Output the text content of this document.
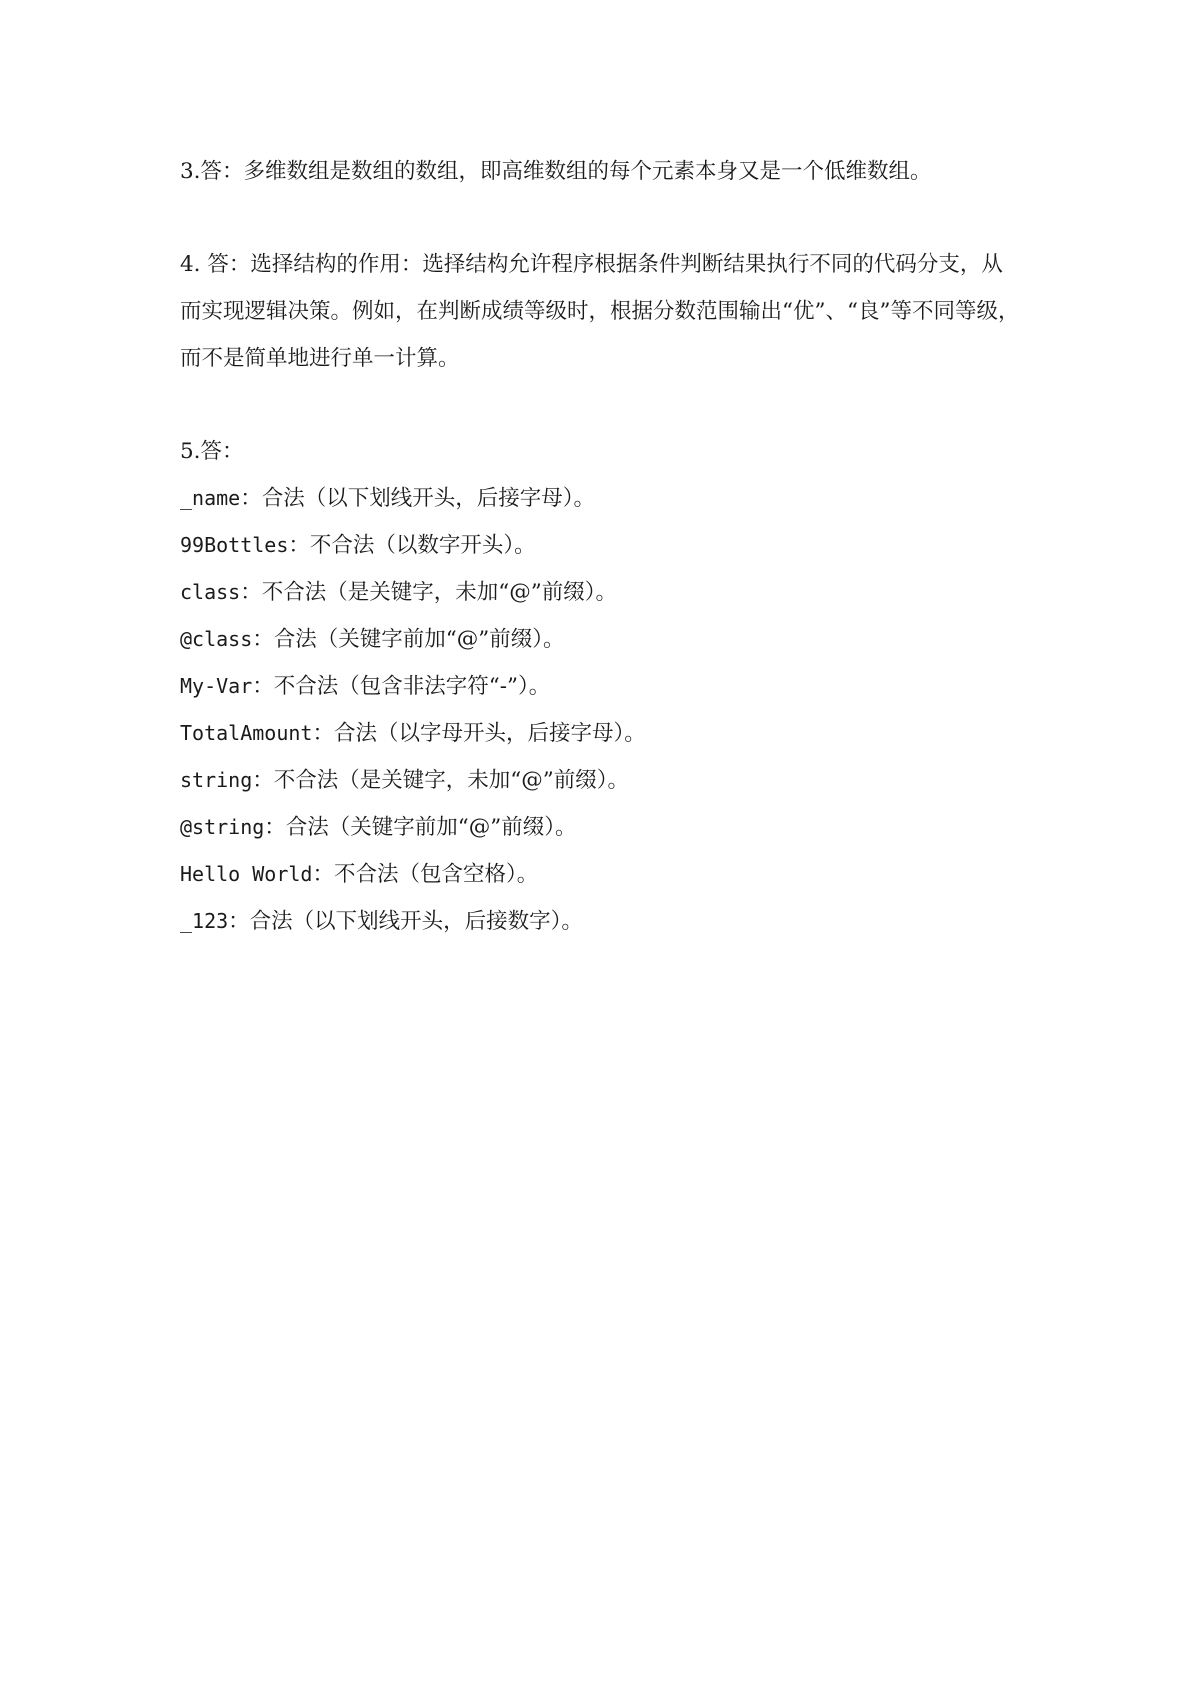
3.答：多维数组是数组的数组，即高维数组的每个元素本身又是一个低维数组。

4. 答：选择结构的作用：选择结构允许程序根据条件判断结果执行不同的代码分支，从而实现逻辑决策。例如，在判断成绩等级时，根据分数范围输出“优”、“良”等不同等级，而不是简单地进行单一计算。

5.答：

_name：合法（以下划线开头，后接字母）。

99Bottles：不合法（以数字开头）。

class：不合法（是关键字，未加“@”前缀）。

@class：合法（关键字前加“@”前缀）。

My-Var：不合法（包含非法字符“-”）。

TotalAmount：合法（以字母开头，后接字母）。

string：不合法（是关键字，未加“@”前缀）。

@string：合法（关键字前加“@”前缀）。

Hello World：不合法（包含空格）。

_123：合法（以下划线开头，后接数字）。
